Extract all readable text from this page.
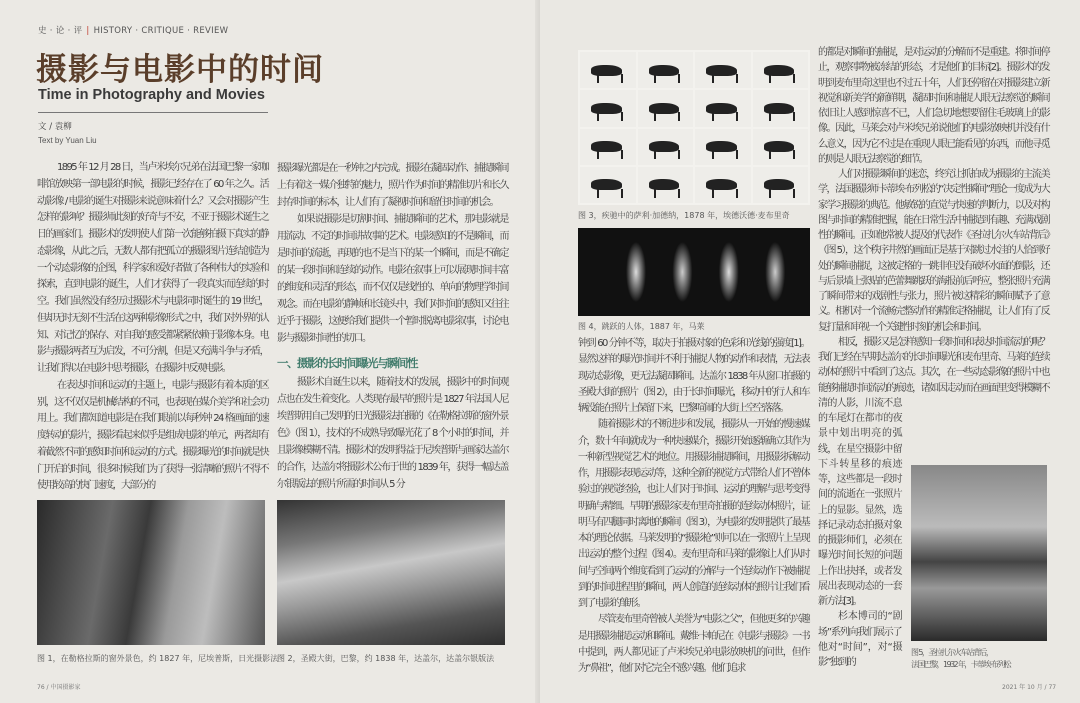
史 · 论 · 评 | HISTORY · CRITIQUE · REVIEW
摄影与电影中的时间
Time in Photography and Movies
文 / 袁柳
Text by Yuan Liu

1895 年 12 月 28 日，当卢米埃尔兄弟在法国巴黎一家咖啡馆放映第一部电影的时候，摄影已经存在了 60 年之久。活动影像 / 电影的诞生对摄影来说意味着什么？又会对摄影产生怎样的影响？摄影师此刻的好奇与不安，不亚于摄影术诞生之日的画家们。摄影术的发明使人们第一次能够拍摄下真实的静态影像，从此之后，无数人都有把孤立的摄影图片连结创造为一个动态影像的企图，科学家和爱好者做了各种伟大的实验和探索，直到电影的诞生，人们才获得了一段真实而连续的时空。我们虽然没有经历过摄影术与电影同时诞生的 19 世纪，但却无时无刻不生活在这两种影像形式之中，我们对外界的认知、对记忆的保存、对自我的感受都紧紧依赖于影像本身。电影与摄影两者互为启发，不可分割，但是又充满斗争与矛盾，让我们得以在电影中思考摄影，在摄影中反观电影。

在表达时间和运动的主题上，电影与摄影有着本质的区别，这不仅仅是机械结构的不同，也表现在媒介美学和社会功用上。我们都知道电影是在我们眼前以每秒钟 24 格画面的速度转动的影片，摄影看起来似乎是组成电影的单元，两者却有着截然不同的感知时间和运动的方式。摄影曝光的时间就是快门开启的时间，很多时候我们为了获得一张清晰的照片不得不使用较高的快门速度，大部分的

摄影曝光都是在一秒钟之内完成。摄影在凝固动作、捕捉瞬间上有着这一媒介独特的魅力，照片作为时间的精准切片和长久封存时间的标本，让人们有了凝视时间和留住时间的机会。

如果说摄影是切割时间、捕捉瞬间的艺术，那电影就是用流动、不定的时间讲故事的艺术。电影感知的不是瞬间，而是时间的流逝，再现的也不是当下的某一个瞬间，而是不确定的某一段时间和连续的动作。电影在叙事上可以展现时间丰富的维度和灵活的形态，而不仅仅是线性的、单向的物理学时间观念。而在电影的静帧和长镜头中，我们对时间的感知又往往近乎于摄影，这便给我们提供一个暂时脱离电影叙事，讨论电影与摄影时间性的切口。

一、摄影的长时间曝光与瞬间性

摄影术自诞生以来，随着技术的发展，摄影中的时间观点也在发生着变化。人类现存最早的照片是 1827 年法国人尼埃普斯用自己发明的日光摄影法拍摄的《在勒格拉斯的窗外景色》（图 1），技术的不成熟导致曝光花了 8 个小时的时间，并且影像模糊不清。摄影术的发明得益于尼埃普斯与画家达盖尔的合作，达盖尔将摄影术公布于世的 1839 年，获得一幅达盖尔银版法的照片所需的时间从 5 分

图 1，在勒格拉斯的窗外景色，约 1827 年，尼埃普斯，日光摄影法
图 2，圣殿大街，巴黎，约 1838 年，达盖尔，达盖尔银版法
76 / 中国摄影家
图 3，疾驰中的萨利·加德纳，1878 年，埃德沃德·麦布里奇
图 4，跳跃的人体，1887 年，马莱

钟到 60 分钟不等，取决于拍摄对象的色彩和光线的强度[1]。显然这样的曝光时间并不利于捕捉人物的动作和表情，无法表现动态影像，更无法凝固瞬间。达盖尔 1838 年从窗口拍摄的圣殿大街的照片（图 2），由于长时间曝光，移动中的行人和车辆没能在照片上保留下来，巴黎喧闹的大街上空空落落。

随着摄影术的不断进步和发展，摄影从一开始的慢速媒介，数十年间就成为一种快速媒介，摄影开始逐渐确立其作为一种新型视觉艺术的地位。用摄影捕捉瞬间，用摄影拆解动作，用摄影表现运动等，这种全新的视觉方式带给人们不曾体验过的视觉经验，也让人们对于时间、运动的理解与思考变得明确与精细。早期的摄影家麦布里奇拍摄的连续动体照片，证明马有四腿同时离地的瞬间（图 3），为电影的发明提供了最基本的理论依据。马莱发明的“摄影枪”则可以在一张照片上呈现出运动的整个过程（图 4）。麦布里奇和马莱的影像让人们从时间与空间两个维度看到了运动的分解与一个连续动作下被捕捉到的时间进程里的瞬间，两人创造的连续动体的照片让我们看到了电影的雏形。

尽管麦布里奇曾被人美誉为“电影之父”，但他更多的兴趣是用摄影捕捉运动和瞬间。戴维·卡帕尼在《电影与摄影》一书中提到，两人都见证了卢米埃兄弟电影放映机的问世，但作为“鼻祖”，他们对它完全不感兴趣。他们追求

图 5，圣拉扎尔火车站背后，
法国巴黎，1932 年，卡蒂埃·布列松

的都是对瞬间的捕捉，是对运动的分解而不是重建。将时间停止，观察事物被冻结的形态，才是他们的目标[2]。摄影术的发明到麦布里奇这里也不过五十年，人们还停留在对摄影建立新视觉和新美学的新鲜期，凝固时间和捕捉人眼无法察觉的瞬间依旧让人感到惊喜不已，人们急切地想要留住毛玻璃上的影像。因此，马莱会对卢米埃兄弟说他们的电影放映机并没有什么意义，因为它不过是在重现人眼已能看见的东西，而他寻觅的则是人眼无法察觉的细节。

人们对摄影瞬间的迷恋，终究让抓拍成为摄影的主流美学，法国摄影师卡蒂埃·布列松的“决定性瞬间”理论一度成为大家学习摄影的典范。他敏锐的直觉与快速的判断力，以及对构图与时间的精准把握，能在日常生活中捕捉到有趣、充满戏剧性的瞬间。正如他常被人提及的代表作《圣拉扎尔火车站背后》（图 5），这个秩序井然的画面正是基于对跳过水洼的人恰到好处的瞬间捕捉，这被定格的一跳非但没有破坏水面的倒影，还与后景墙上张贴的芭蕾舞跳跃的海报前后呼应，整张照片充满了瞬间带来的戏剧性与张力，照片被这精彩的瞬间赋予了意义。相机对一个流畅完整动作的精准定格捕捉，让人们有了反复打量和审视一个关键性时刻的机会和时间。

相反，摄影又是怎样感知一段时间和表达时间流动的呢？我们已经在早期达盖尔的长时间曝光和麦布里奇、马莱的连续动体的照片中看到了这点。其次，在一些动态影像的照片中也能够捕捉时间流动的痕迹，诸如因走动而在画面里变得模糊不清的人影，川流不息的车尾灯在都市的夜景中划出明亮的弧线，在星空摄影中留下斗转星移的痕迹等，这些都是一段时间的流逝在一张照片上的显影。显然，选择记录动态拍摄对象的摄影师们，必须在曝光时间长短的问题上作出抉择，或者发展出表现动态的一套新方法[3]。

杉本博司的“剧场”系列向我们展示了他对“时间”，对“摄影”独到的

2021 年 10 月 / 77
